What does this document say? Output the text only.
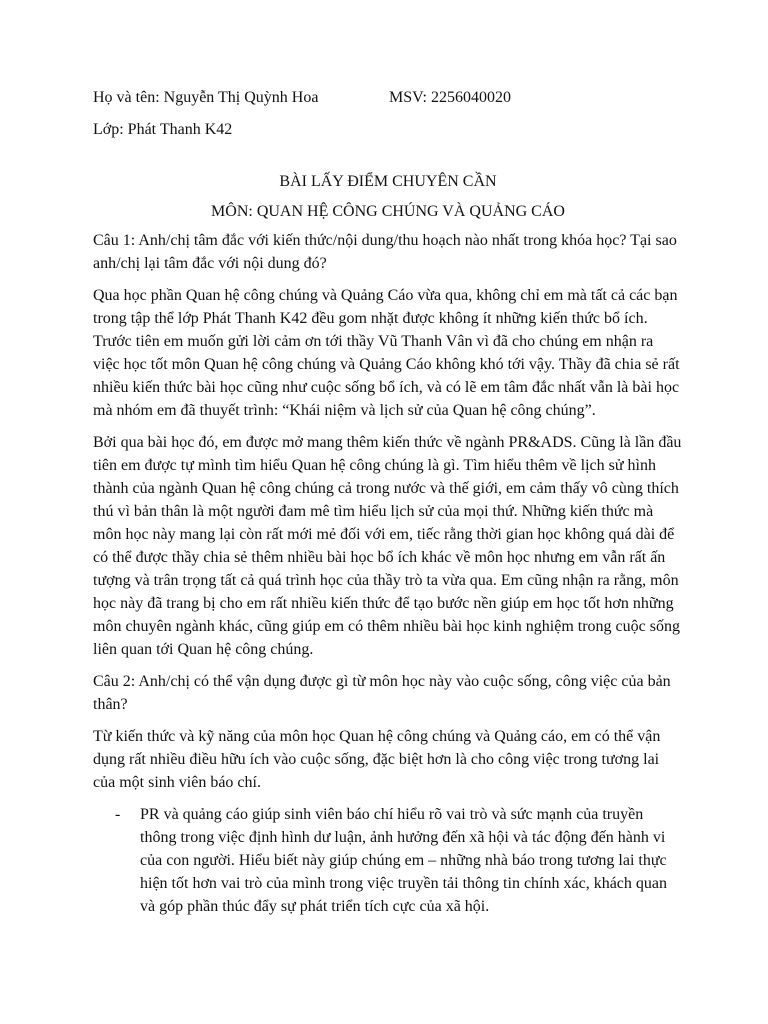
Họ và tên: Nguyễn Thị Quỳnh Hoa	MSV: 2256040020
Lớp: Phát Thanh K42
BÀI LẤY ĐIỂM CHUYÊN CẦN
MÔN: QUAN HỆ CÔNG CHÚNG VÀ QUẢNG CÁO

Câu 1: Anh/chị tâm đắc với kiến thức/nội dung/thu hoạch nào nhất trong khóa học? Tại sao anh/chị lại tâm đắc với nội dung đó?

Qua học phần Quan hệ công chúng và Quảng Cáo vừa qua, không chỉ em mà tất cả các bạn trong tập thể lớp Phát Thanh K42 đều gom nhặt được không ít những kiến thức bổ ích. Trước tiên em muốn gửi lời cảm ơn tới thầy Vũ Thanh Vân vì đã cho chúng em nhận ra việc học tốt môn Quan hệ công chúng và Quảng Cáo không khó tới vậy. Thầy đã chia sẻ rất nhiều kiến thức bài học cũng như cuộc sống bổ ích, và có lẽ em tâm đắc nhất vẫn là bài học mà nhóm em đã thuyết trình: “Khái niệm và lịch sử của Quan hệ công chúng”.

Bởi qua bài học đó, em được mở mang thêm kiến thức về ngành PR&ADS. Cũng là lần đầu tiên em được tự mình tìm hiểu Quan hệ công chúng là gì. Tìm hiểu thêm về lịch sử hình thành của ngành Quan hệ công chúng cả trong nước và thế giới, em cảm thấy vô cùng thích thú vì bản thân là một người đam mê tìm hiểu lịch sử của mọi thứ. Những kiến thức mà môn học này mang lại còn rất mới mẻ đối với em, tiếc rằng thời gian học không quá dài để có thể được thầy chia sẻ thêm nhiều bài học bổ ích khác về môn học nhưng em vẫn rất ấn tượng và trân trọng tất cả quá trình học của thầy trò ta vừa qua. Em cũng nhận ra rằng, môn học này đã trang bị cho em rất nhiều kiến thức để tạo bước nền giúp em học tốt hơn những môn chuyên ngành khác, cũng giúp em có thêm nhiều bài học kinh nghiệm trong cuộc sống liên quan tới Quan hệ công chúng.

Câu 2: Anh/chị có thể vận dụng được gì từ môn học này vào cuộc sống, công việc của bản thân?

Từ kiến thức và kỹ năng của môn học Quan hệ công chúng và Quảng cáo, em có thể vận dụng rất nhiều điều hữu ích vào cuộc sống, đặc biệt hơn là cho công việc trong tương lai của một sinh viên báo chí.

- PR và quảng cáo giúp sinh viên báo chí hiểu rõ vai trò và sức mạnh của truyền thông trong việc định hình dư luận, ảnh hưởng đến xã hội và tác động đến hành vi của con người. Hiểu biết này giúp chúng em – những nhà báo trong tương lai thực hiện tốt hơn vai trò của mình trong việc truyền tải thông tin chính xác, khách quan và góp phần thúc đẩy sự phát triển tích cực của xã hội.
